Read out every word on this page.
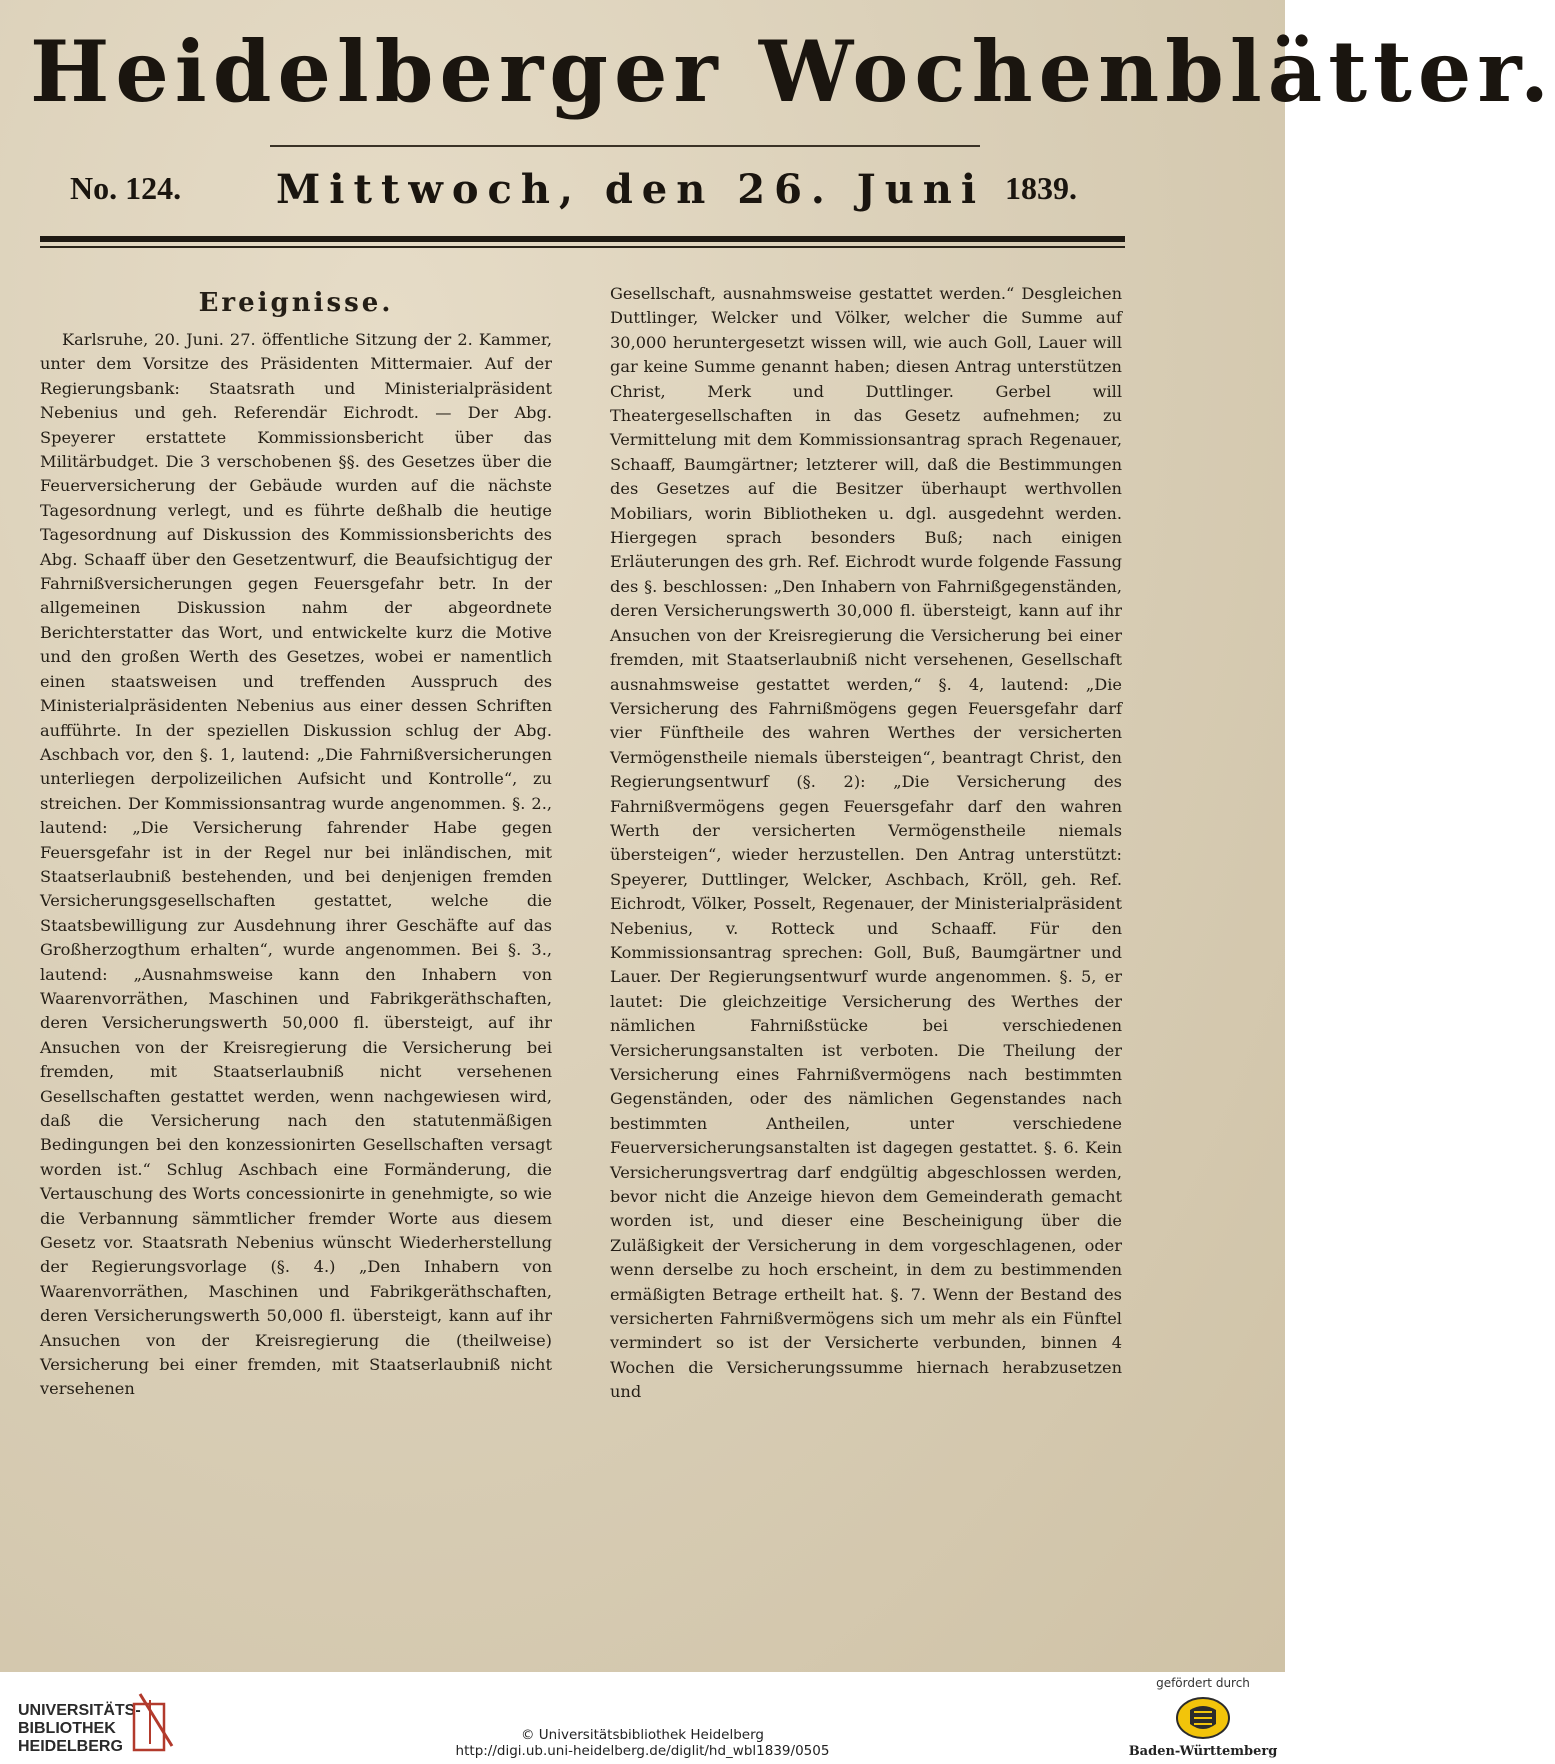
Heidelberger Wochenblätter.
No. 124. Mittwoch, den 26. Juni 1839.
Ereignisse.

Karlsruhe, 20. Juni. 27. öffentliche Sitzung der 2. Kammer, unter dem Vorsitze des Präsidenten Mittermaier. Auf der Regierungsbank: Staatsrath und Ministerialpräsident Nebenius und geh. Referendär Eichrodt. — Der Abg. Speyerer erstattete Kommissionsbericht über das Militärbudget. Die 3 verschobenen §§. des Gesetzes über die Feuerversicherung der Gebäude wurden auf die nächste Tagesordnung verlegt, und es führte deßhalb die heutige Tagesordnung auf Diskussion des Kommissionsberichts des Abg. Schaaff über den Gesetzentwurf, die Beaufsichtigug der Fahrnißversicherungen gegen Feuersgefahr betr. In der allgemeinen Diskussion nahm der abgeordnete Berichterstatter das Wort, und entwickelte kurz die Motive und den großen Werth des Gesetzes, wobei er namentlich einen staatsweisen und treffenden Ausspruch des Ministerialpräsidenten Nebenius aus einer dessen Schriften aufführte. In der speziellen Diskussion schlug der Abg. Aschbach vor, den §. 1, lautend: „Die Fahrnißversicherungen unterliegen derpolizeilichen Aufsicht und Kontrolle“, zu streichen. Der Kommissionsantrag wurde angenommen. §. 2., lautend: „Die Versicherung fahrender Habe gegen Feuersgefahr ist in der Regel nur bei inländischen, mit Staatserlaubniß bestehenden, und bei denjenigen fremden Versicherungsgesellschaften gestattet, welche die Staatsbewilligung zur Ausdehnung ihrer Geschäfte auf das Großherzogthum erhalten“, wurde angenommen. Bei §. 3., lautend: „Ausnahmsweise kann den Inhabern von Waarenvorräthen, Maschinen und Fabrikgeräthschaften, deren Versicherungswerth 50,000 fl. übersteigt, auf ihr Ansuchen von der Kreisregierung die Versicherung bei fremden, mit Staatserlaubniß nicht versehenen Gesellschaften gestattet werden, wenn nachgewiesen wird, daß die Versicherung nach den statutenmäßigen Bedingungen bei den konzessionirten Gesellschaften versagt worden ist.“ Schlug Aschbach eine Formänderung, die Vertauschung des Worts concessionirte in genehmigte, so wie die Verbannung sämmtlicher fremder Worte aus diesem Gesetz vor. Staatsrath Nebenius wünscht Wiederherstellung der Regierungsvorlage (§. 4.) „Den Inhabern von Waarenvorräthen, Maschinen und Fabrikgeräthschaften, deren Versicherungswerth 50,000 fl. übersteigt, kann auf ihr Ansuchen von der Kreisregierung die (theilweise) Versicherung bei einer fremden, mit Staatserlaubniß nicht versehenen

Gesellschaft, ausnahmsweise gestattet werden.“ Desgleichen Duttlinger, Welcker und Völker, welcher die Summe auf 30,000 heruntergesetzt wissen will, wie auch Goll, Lauer will gar keine Summe genannt haben; diesen Antrag unterstützen Christ, Merk und Duttlinger. Gerbel will Theatergesellschaften in das Gesetz aufnehmen; zu Vermittelung mit dem Kommissionsantrag sprach Regenauer, Schaaff, Baumgärtner; letzterer will, daß die Bestimmungen des Gesetzes auf die Besitzer überhaupt werthvollen Mobiliars, worin Bibliotheken u. dgl. ausgedehnt werden. Hiergegen sprach besonders Buß; nach einigen Erläuterungen des grh. Ref. Eichrodt wurde folgende Fassung des §. beschlossen: „Den Inhabern von Fahrnißgegenständen, deren Versicherungswerth 30,000 fl. übersteigt, kann auf ihr Ansuchen von der Kreisregierung die Versicherung bei einer fremden, mit Staatserlaubniß nicht versehenen, Gesellschaft ausnahmsweise gestattet werden,“ §. 4, lautend: „Die Versicherung des Fahrnißmögens gegen Feuersgefahr darf vier Fünftheile des wahren Werthes der versicherten Vermögenstheile niemals übersteigen“, beantragt Christ, den Regierungsentwurf (§. 2): „Die Versicherung des Fahrnißvermögens gegen Feuersgefahr darf den wahren Werth der versicherten Vermögenstheile niemals übersteigen“, wieder herzustellen. Den Antrag unterstützt: Speyerer, Duttlinger, Welcker, Aschbach, Kröll, geh. Ref. Eichrodt, Völker, Posselt, Regenauer, der Ministerialpräsident Nebenius, v. Rotteck und Schaaff. Für den Kommissionsantrag sprechen: Goll, Buß, Baumgärtner und Lauer. Der Regierungsentwurf wurde angenommen. §. 5, er lautet: Die gleichzeitige Versicherung des Werthes der nämlichen Fahrnißstücke bei verschiedenen Versicherungsanstalten ist verboten. Die Theilung der Versicherung eines Fahrnißvermögens nach bestimmten Gegenständen, oder des nämlichen Gegenstandes nach bestimmten Antheilen, unter verschiedene Feuerversicherungsanstalten ist dagegen gestattet. §. 6. Kein Versicherungsvertrag darf endgültig abgeschlossen werden, bevor nicht die Anzeige hievon dem Gemeinderath gemacht worden ist, und dieser eine Bescheinigung über die Zuläßigkeit der Versicherung in dem vorgeschlagenen, oder wenn derselbe zu hoch erscheint, in dem zu bestimmenden ermäßigten Betrage ertheilt hat. §. 7. Wenn der Bestand des versicherten Fahrnißvermögens sich um mehr als ein Fünftel vermindert so ist der Versicherte verbunden, binnen 4 Wochen die Versicherungssumme hiernach herabzusetzen und

UNIVERSITÄTS-
BIBLIOTHEK
HEIDELBERG
© Universitätsbibliothek Heidelberg
http://digi.ub.uni-heidelberg.de/diglit/hd_wbl1839/0505
gefördert durch
Baden-Württemberg
